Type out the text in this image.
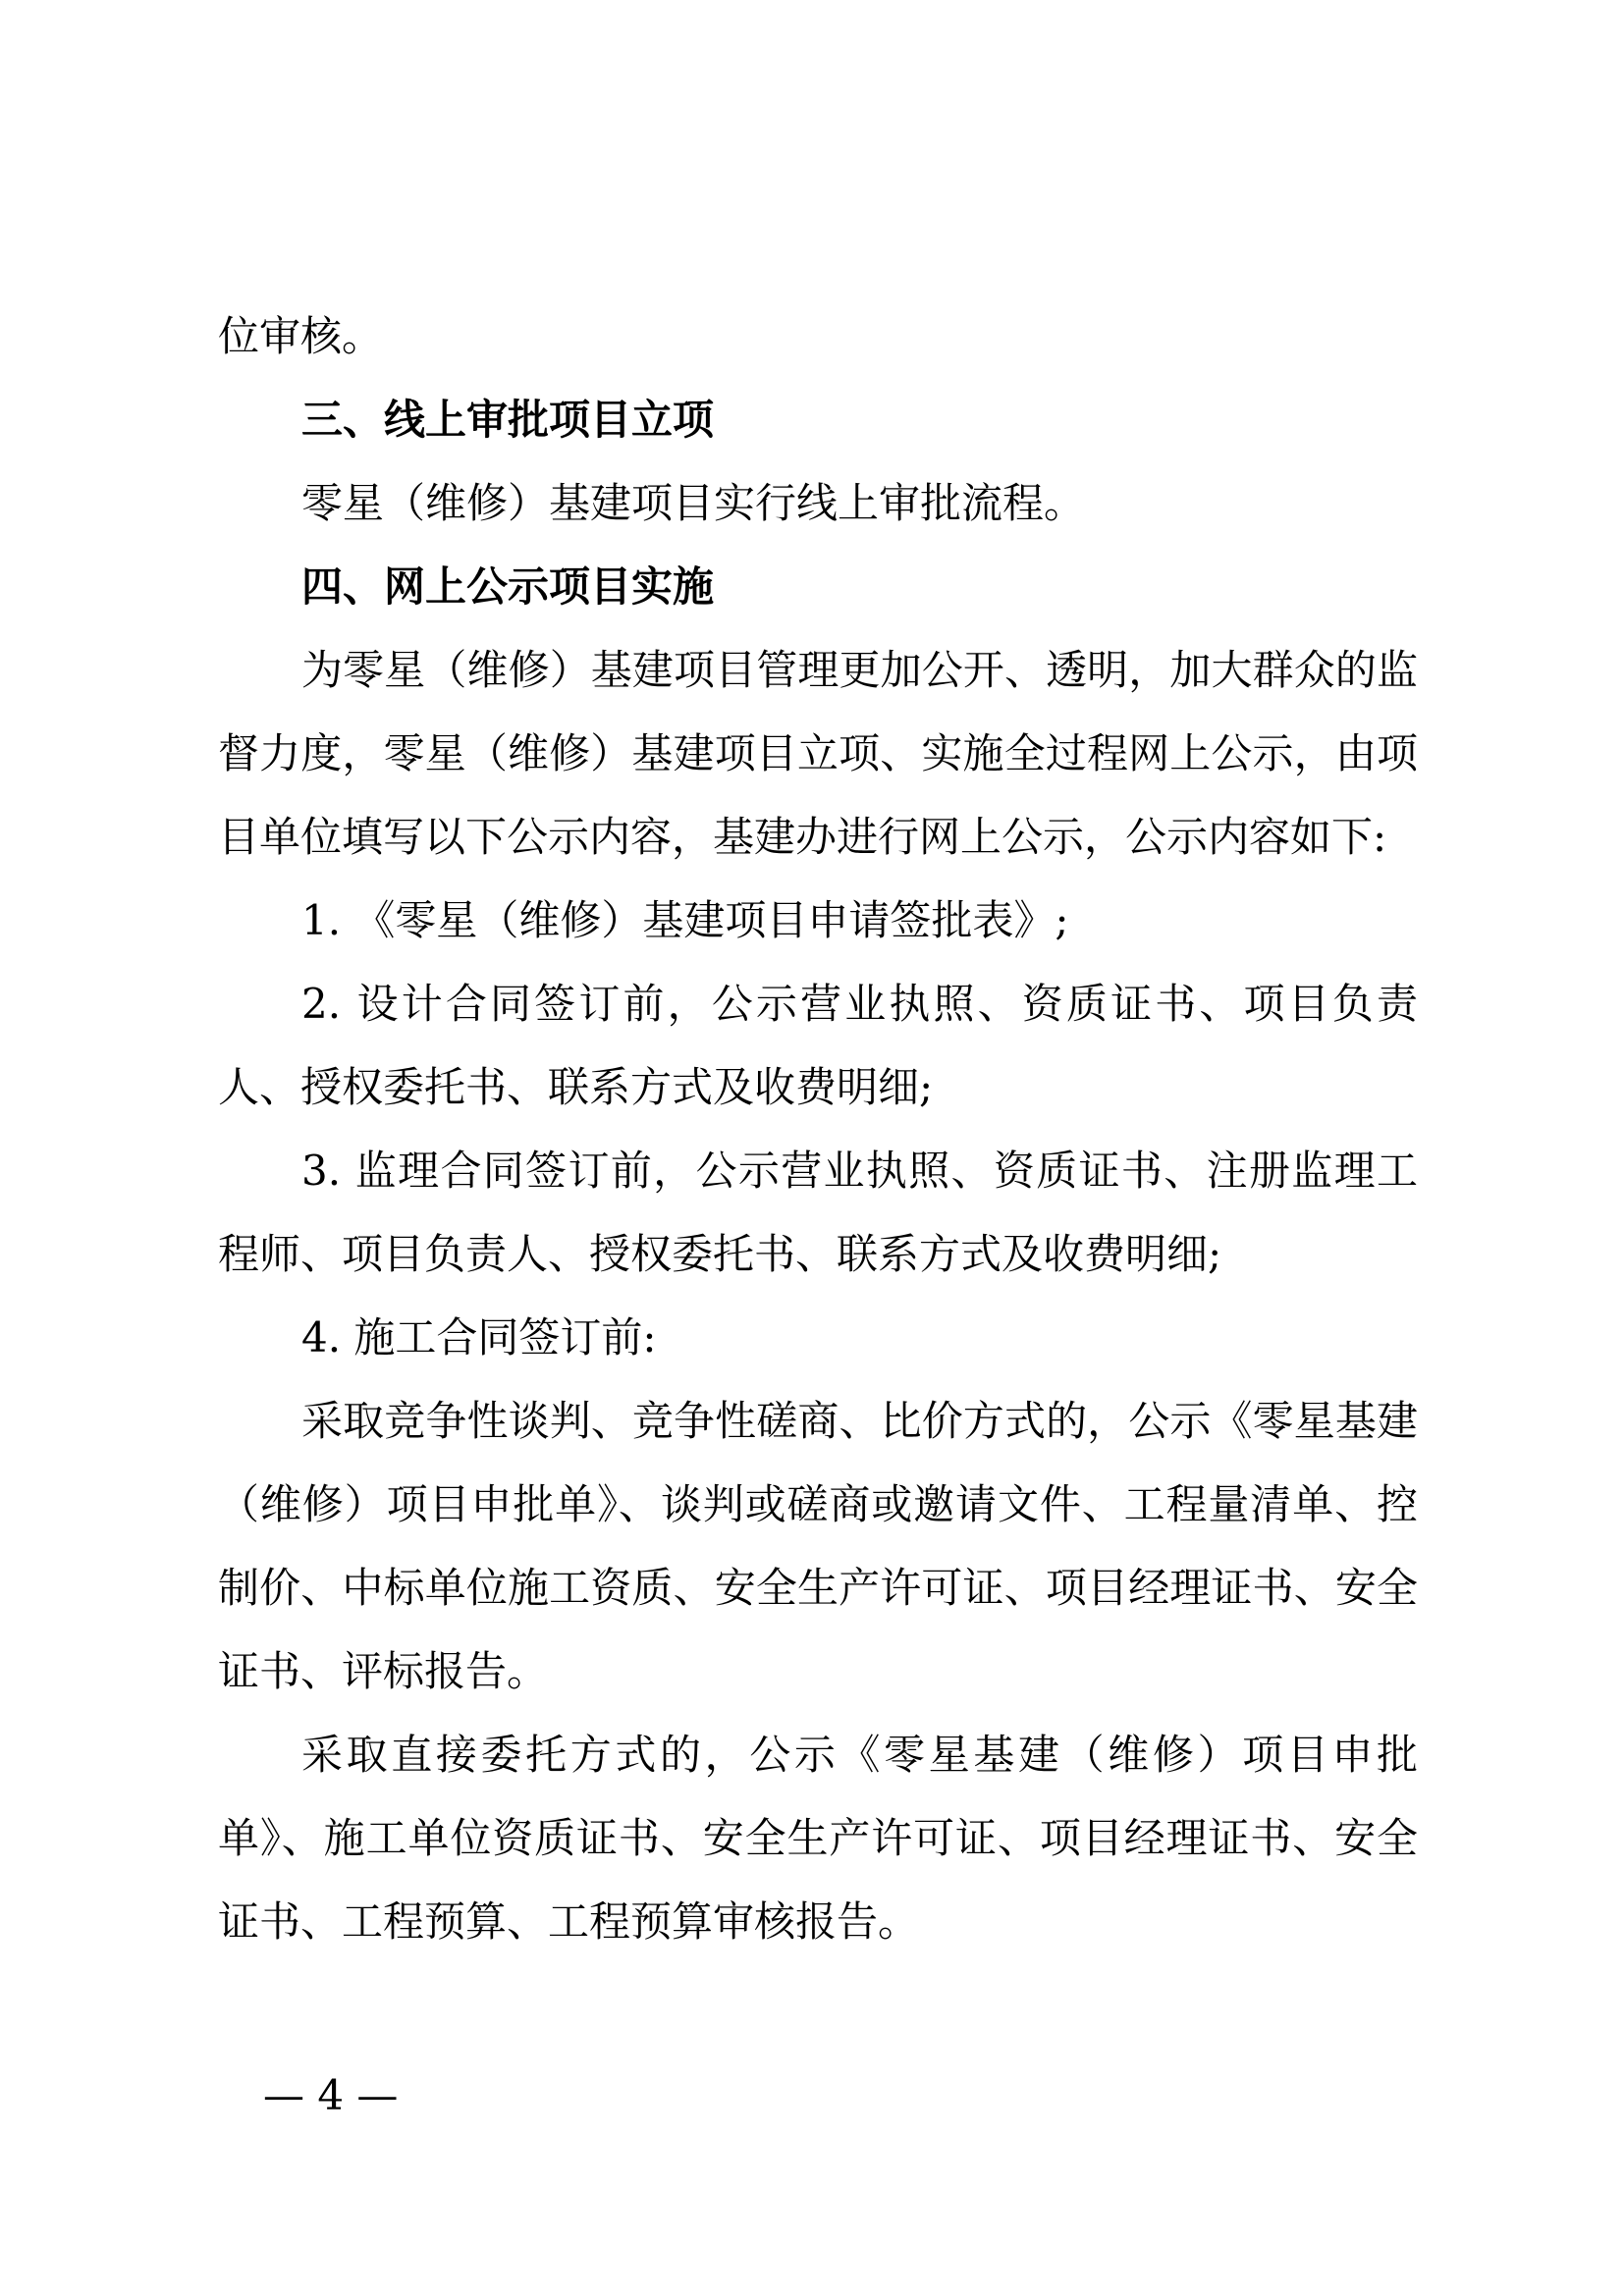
位审核。

三、线上审批项目立项

零星（维修）基建项目实行线上审批流程。

四、网上公示项目实施

为零星（维修）基建项目管理更加公开、透明，加大群众的监督力度，零星（维修）基建项目立项、实施全过程网上公示，由项目单位填写以下公示内容，基建办进行网上公示，公示内容如下:

1. 《零星（维修）基建项目申请签批表》;

2. 设计合同签订前，公示营业执照、资质证书、项目负责人、授权委托书、联系方式及收费明细;

3. 监理合同签订前，公示营业执照、资质证书、注册监理工程师、项目负责人、授权委托书、联系方式及收费明细;

4. 施工合同签订前:

采取竞争性谈判、竞争性磋商、比价方式的，公示《零星基建（维修）项目申批单》、谈判或磋商或邀请文件、工程量清单、控制价、中标单位施工资质、安全生产许可证、项目经理证书、安全证书、评标报告。

采取直接委托方式的，公示《零星基建（维修）项目申批单》、施工单位资质证书、安全生产许可证、项目经理证书、安全证书、工程预算、工程预算审核报告。

— 4 —
